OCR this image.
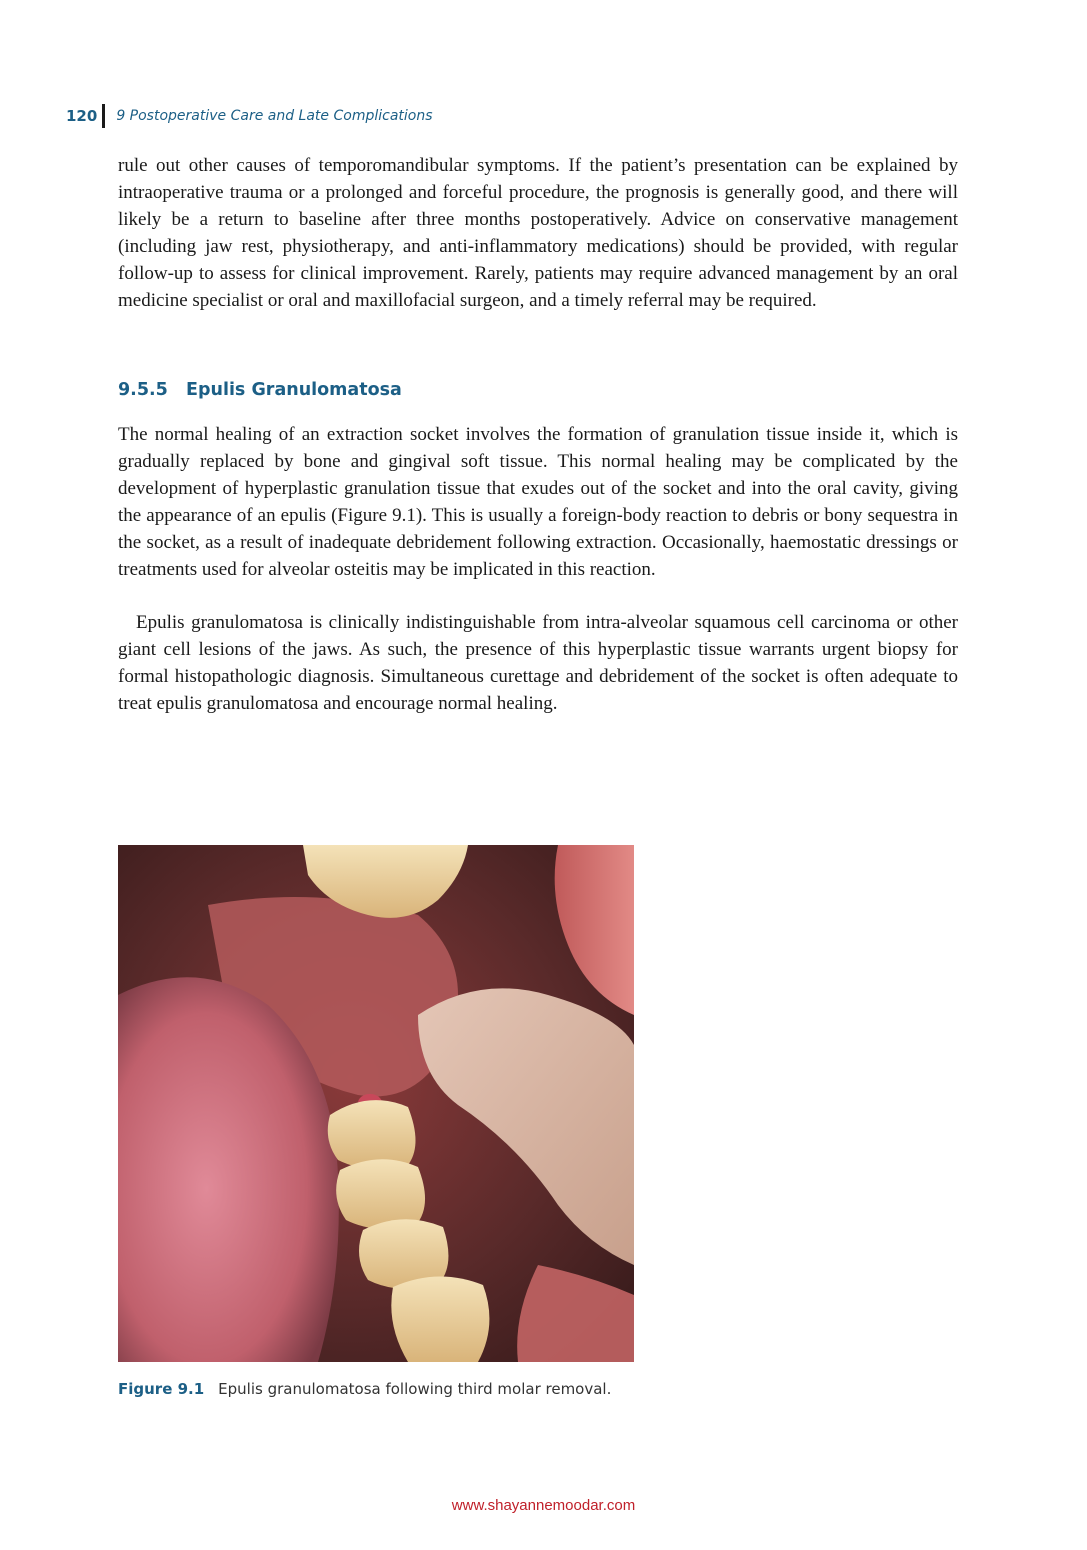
120	9 Postoperative Care and Late Complications

rule out other causes of temporomandibular symptoms. If the patient’s presentation can be explained by intraoperative trauma or a prolonged and forceful procedure, the prognosis is generally good, and there will likely be a return to baseline after three months postoperatively. Advice on conservative management (including jaw rest, physiotherapy, and anti-inflammatory medications) should be provided, with regular follow-up to assess for clinical improvement. Rarely, patients may require advanced management by an oral medicine specialist or oral and maxillofacial surgeon, and a timely referral may be required.

9.5.5 Epulis Granulomatosa

The normal healing of an extraction socket involves the formation of granulation tissue inside it, which is gradually replaced by bone and gingival soft tissue. This normal healing may be complicated by the development of hyperplastic granulation tissue that exudes out of the socket and into the oral cavity, giving the appearance of an epulis (Figure 9.1). This is usually a foreign-body reaction to debris or bony sequestra in the socket, as a result of inadequate debridement following extraction. Occasionally, haemostatic dressings or treatments used for alveolar osteitis may be implicated in this reaction.

Epulis granulomatosa is clinically indistinguishable from intra-alveolar squamous cell carcinoma or other giant cell lesions of the jaws. As such, the presence of this hyperplastic tissue warrants urgent biopsy for formal histopathologic diagnosis. Simultaneous curettage and debridement of the socket is often adequate to treat epulis granulomatosa and encourage normal healing.

Figure 9.1 Epulis granulomatosa following third molar removal.
www.shayannemoodar.com
